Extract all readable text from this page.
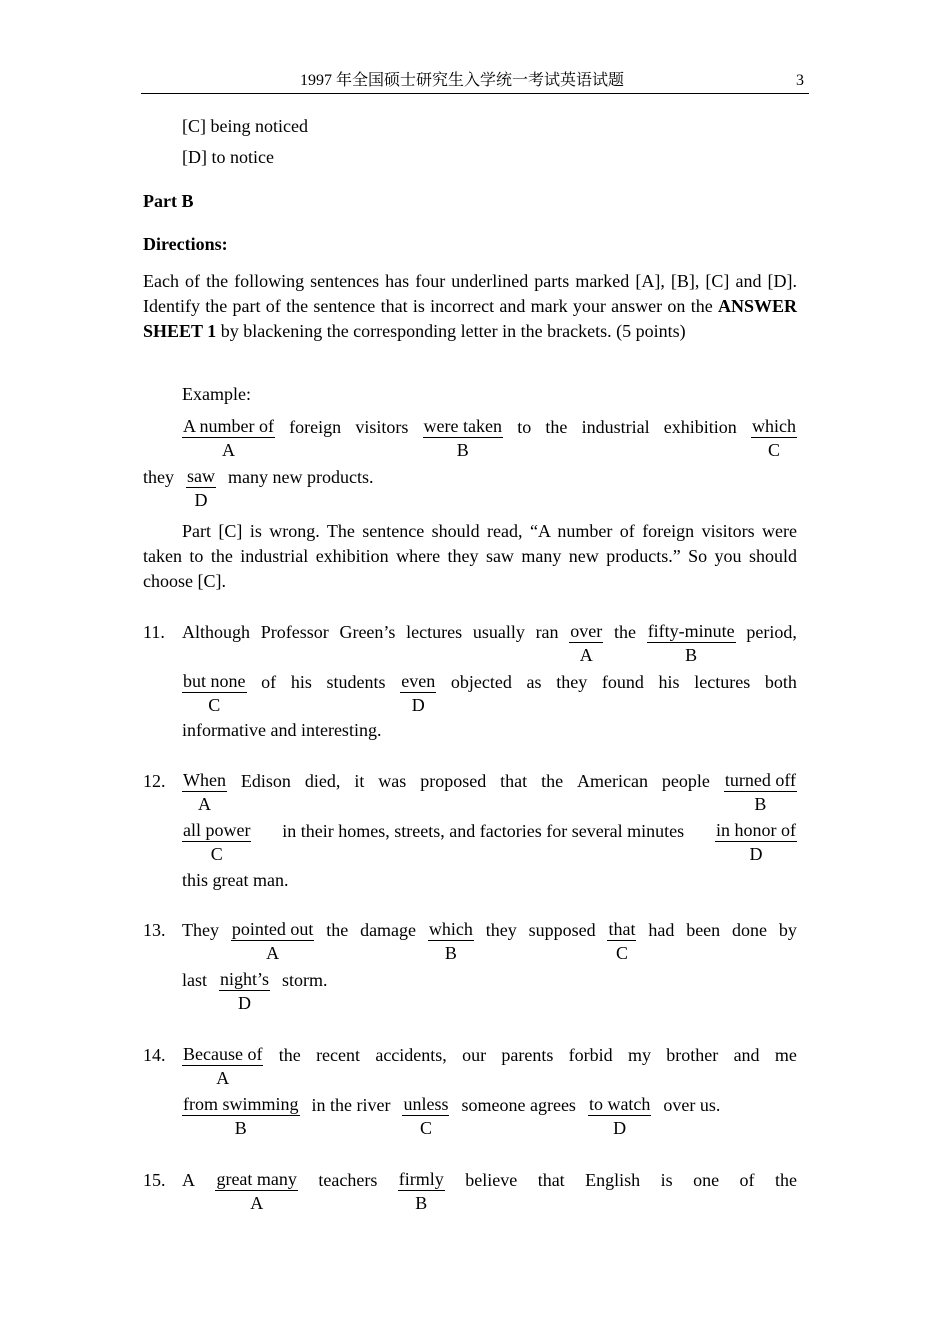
1997 年全国硕士研究生入学统一考试英语试题	3
[C] being noticed
[D] to notice
Part B
Directions:
Each of the following sentences has four underlined parts marked [A], [B], [C] and [D]. Identify the part of the sentence that is incorrect and mark your answer on the ANSWER SHEET 1 by blackening the corresponding letter in the brackets. (5 points)
Example:
A number of
A
foreign visitors were taken
B
to the industrial exhibition which
C
they saw
D
many new products.
Part [C] is wrong. The sentence should read, “A number of foreign visitors were taken to the industrial exhibition where they saw many new products.” So you should choose [C].
11. Although Professor Green’s lectures usually ran over
A
the fifty-minute
B
period,
but none
C
of his students even
D
objected as they found his lectures both
informative and interesting.
12. When
A
Edison died, it was proposed that the American people turned off
B
all power
C
in their homes, streets, and factories for several minutes in honor of
D
this great man.
13. They pointed out
A
the damage which
B
they supposed that
C
had been done by
last night’s
D
storm.
14. Because of
A
the recent accidents, our parents forbid my brother and me
from swimming
B
in the river unless
C
someone agrees to watch
D
over us.
15. A great many
A
teachers firmly
B
believe that English is one of the
